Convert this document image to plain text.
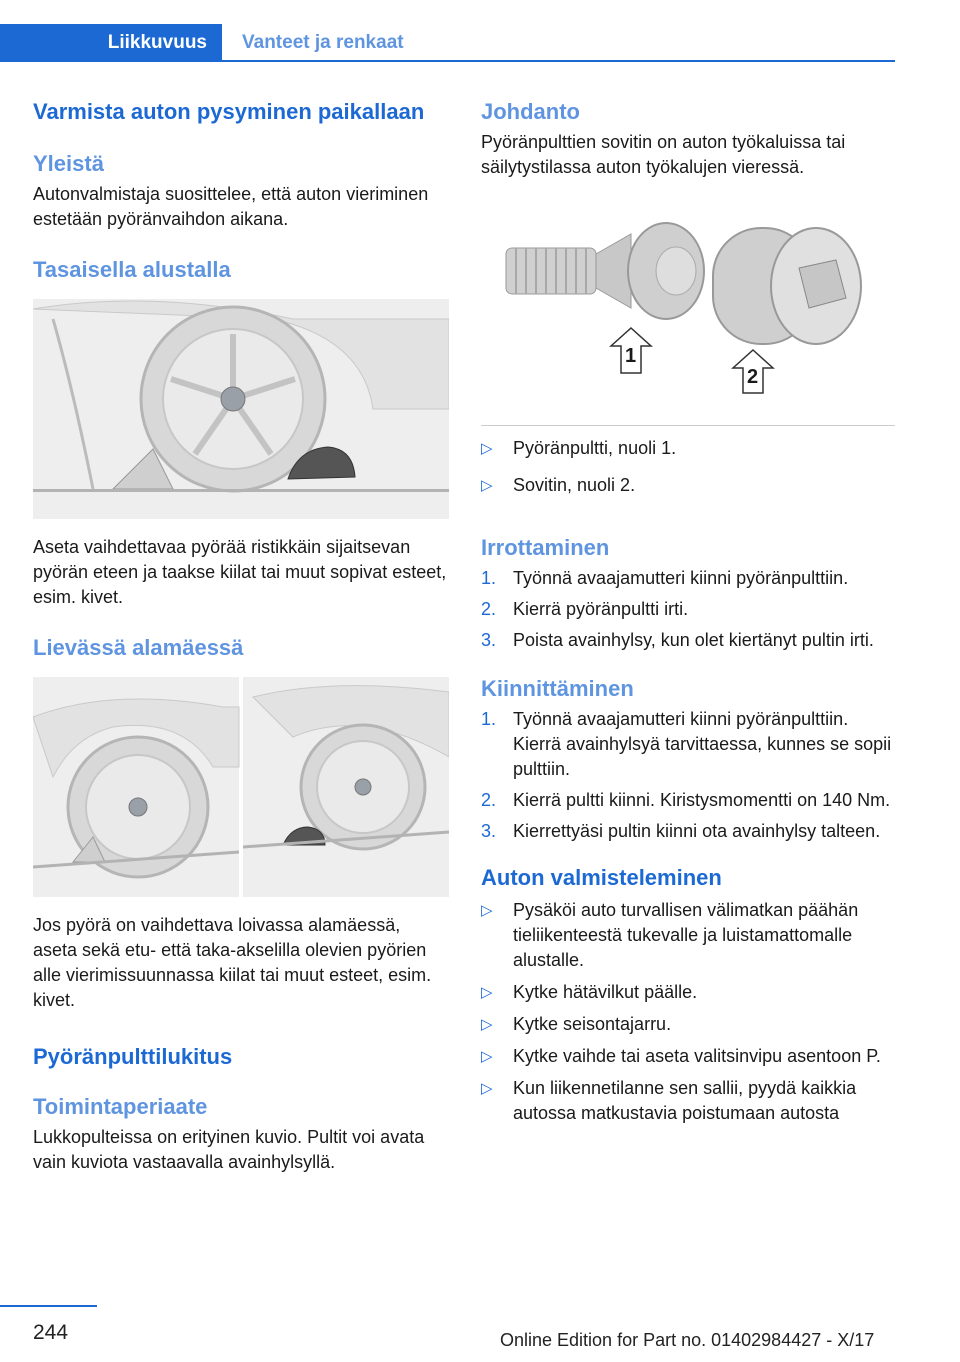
Liikkuvuus	Vanteet ja renkaat
Varmista auton pysyminen paikallaan
Yleistä

Autonvalmistaja suosittelee, että auton vieriminen estetään pyöränvaihdon aikana.

Tasaisella alustalla

Aseta vaihdettavaa pyörää ristikkäin sijaitsevan pyörän eteen ja taakse kiilat tai muut sopivat esteet, esim. kivet.

Lievässä alamäessä

Jos pyörä on vaihdettava loivassa alamäessä, aseta sekä etu- että taka-akselilla olevien pyörien alle vierimissuunnassa kiilat tai muut esteet, esim. kivet.

Pyöränpulttilukitus
Toimintaperiaate

Lukkopulteissa on erityinen kuvio. Pultit voi avata vain kuviota vastaavalla avainhylsyllä.

Johdanto

Pyöränpulttien sovitin on auton työkaluissa tai säilytystilassa auton työkalujen vieressä.

1
2
▷ Pyöränpultti, nuoli 1.
▷ Sovitin, nuoli 2.
Irrottaminen
1. Työnnä avaajamutteri kiinni pyöränpulttiin.
2. Kierrä pyöränpultti irti.
3. Poista avainhylsy, kun olet kiertänyt pultin irti.
Kiinnittäminen
1. Työnnä avaajamutteri kiinni pyöränpulttiin. Kierrä avainhylsyä tarvittaessa, kunnes se sopii pulttiin.
2. Kierrä pultti kiinni. Kiristysmomentti on 140 Nm.
3. Kierrettyäsi pultin kiinni ota avainhylsy talteen.
Auton valmisteleminen
▷ Pysäköi auto turvallisen välimatkan päähän tieliikenteestä tukevalle ja luistamattomalle alustalle.
▷ Kytke hätävilkut päälle.
▷ Kytke seisontajarru.
▷ Kytke vaihde tai aseta valitsinvipu asentoon P.
▷ Kun liikennetilanne sen sallii, pyydä kaikkia autossa matkustavia poistumaan autosta
244	Online Edition for Part no. 01402984427 - X/17
